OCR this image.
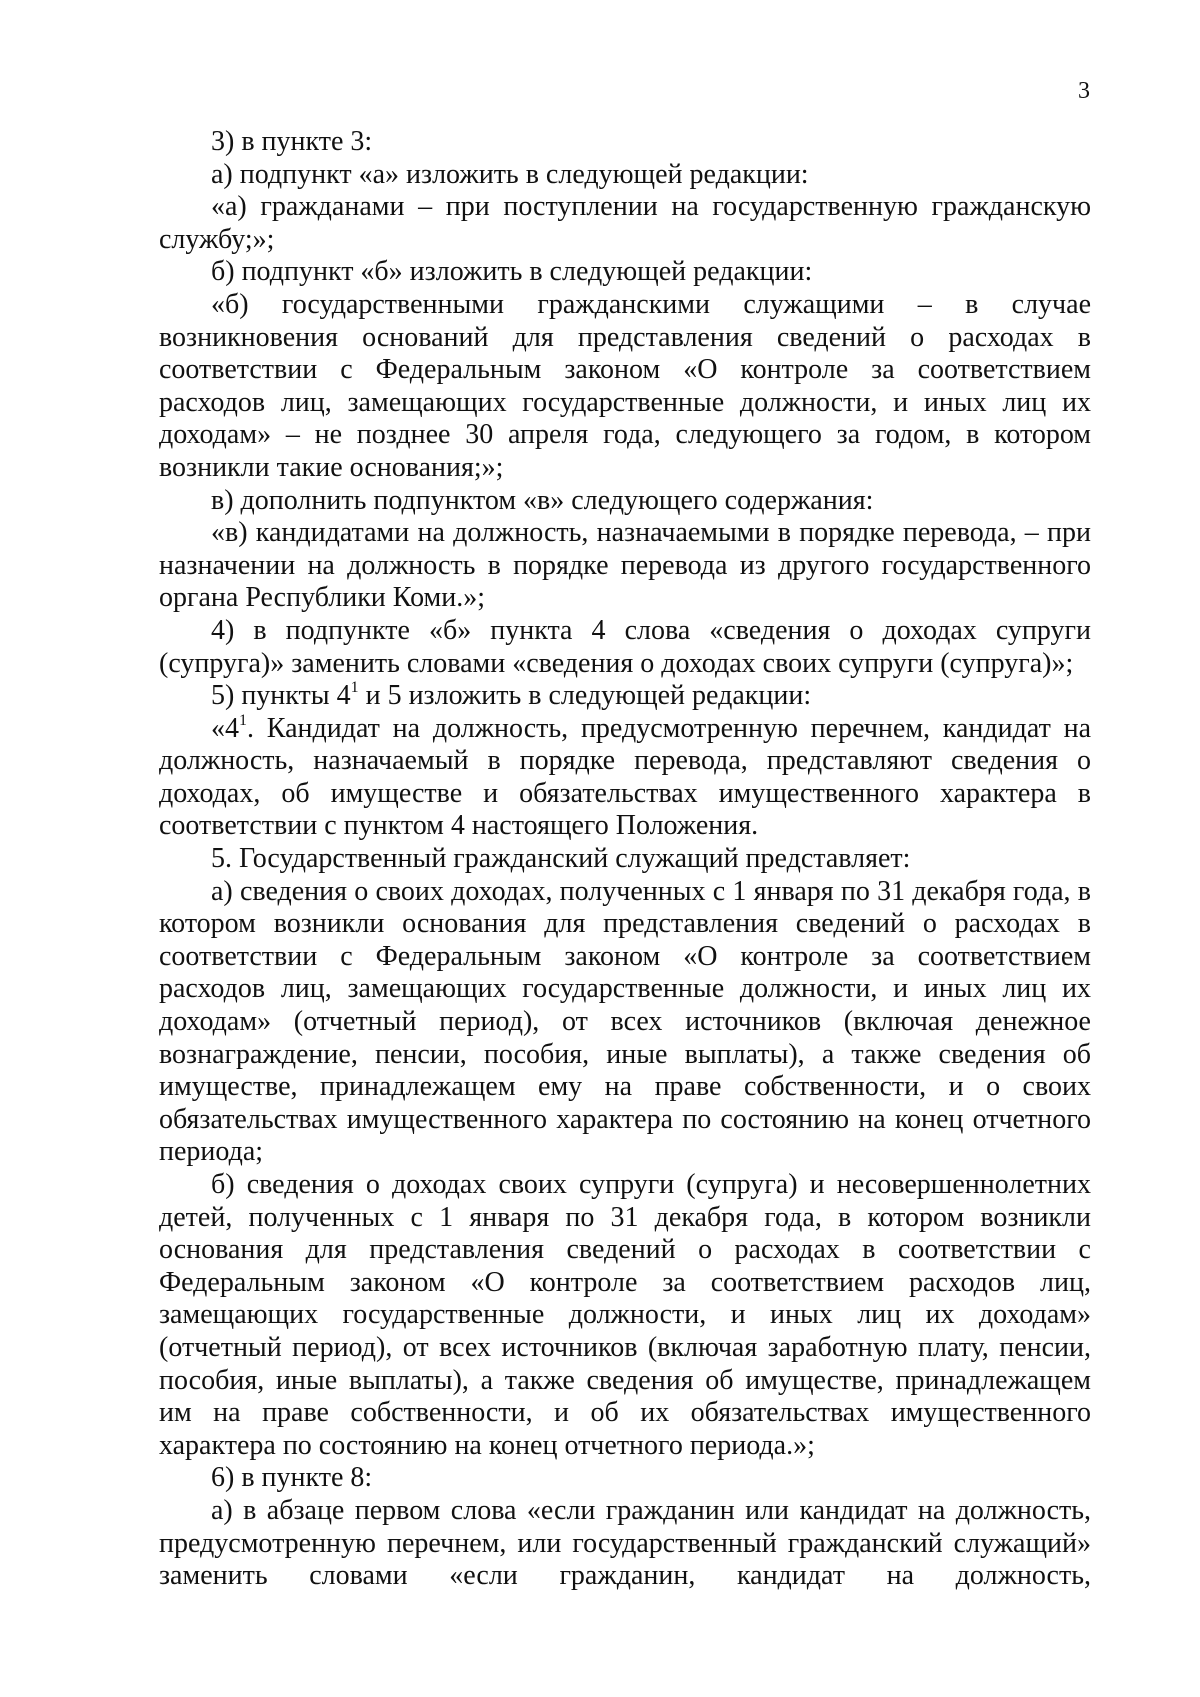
3

3) в пункте 3:

а) подпункт «а» изложить в следующей редакции:

«а) гражданами – при поступлении на государственную гражданскую службу;»;

б) подпункт «б» изложить в следующей редакции:

«б) государственными гражданскими служащими – в случае возникновения оснований для представления сведений о расходах в соответствии с Федеральным законом «О контроле за соответствием расходов лиц, замещающих государственные должности, и иных лиц их доходам» – не позднее 30 апреля года, следующего за годом, в котором возникли такие основания;»;

в) дополнить подпунктом «в» следующего содержания:

«в) кандидатами на должность, назначаемыми в порядке перевода, – при назначении на должность в порядке перевода из другого государственного органа Республики Коми.»;

4) в подпункте «б» пункта 4 слова «сведения о доходах супруги (супруга)» заменить словами «сведения о доходах своих супруги (супруга)»;

5) пункты $4^1$ и 5 изложить в следующей редакции:

«$4^1$. Кандидат на должность, предусмотренную перечнем, кандидат на должность, назначаемый в порядке перевода, представляют сведения о доходах, об имуществе и обязательствах имущественного характера в соответствии с пунктом 4 настоящего Положения.

5. Государственный гражданский служащий представляет:

а) сведения о своих доходах, полученных с 1 января по 31 декабря года, в котором возникли основания для представления сведений о расходах в соответствии с Федеральным законом «О контроле за соответствием расходов лиц, замещающих государственные должности, и иных лиц их доходам» (отчетный период), от всех источников (включая денежное вознаграждение, пенсии, пособия, иные выплаты), а также сведения об имуществе, принадлежащем ему на праве собственности, и о своих обязательствах имущественного характера по состоянию на конец отчетного периода;

б) сведения о доходах своих супруги (супруга) и несовершеннолетних детей, полученных с 1 января по 31 декабря года, в котором возникли основания для представления сведений о расходах в соответствии с Федеральным законом «О контроле за соответствием расходов лиц, замещающих государственные должности, и иных лиц их доходам» (отчетный период), от всех источников (включая заработную плату, пенсии, пособия, иные выплаты), а также сведения об имуществе, принадлежащем им на праве собственности, и об их обязательствах имущественного характера по состоянию на конец отчетного периода.»;

6) в пункте 8:

а) в абзаце первом слова «если гражданин или кандидат на должность, предусмотренную перечнем, или государственный гражданский служащий» заменить словами «если гражданин, кандидат на должность,
